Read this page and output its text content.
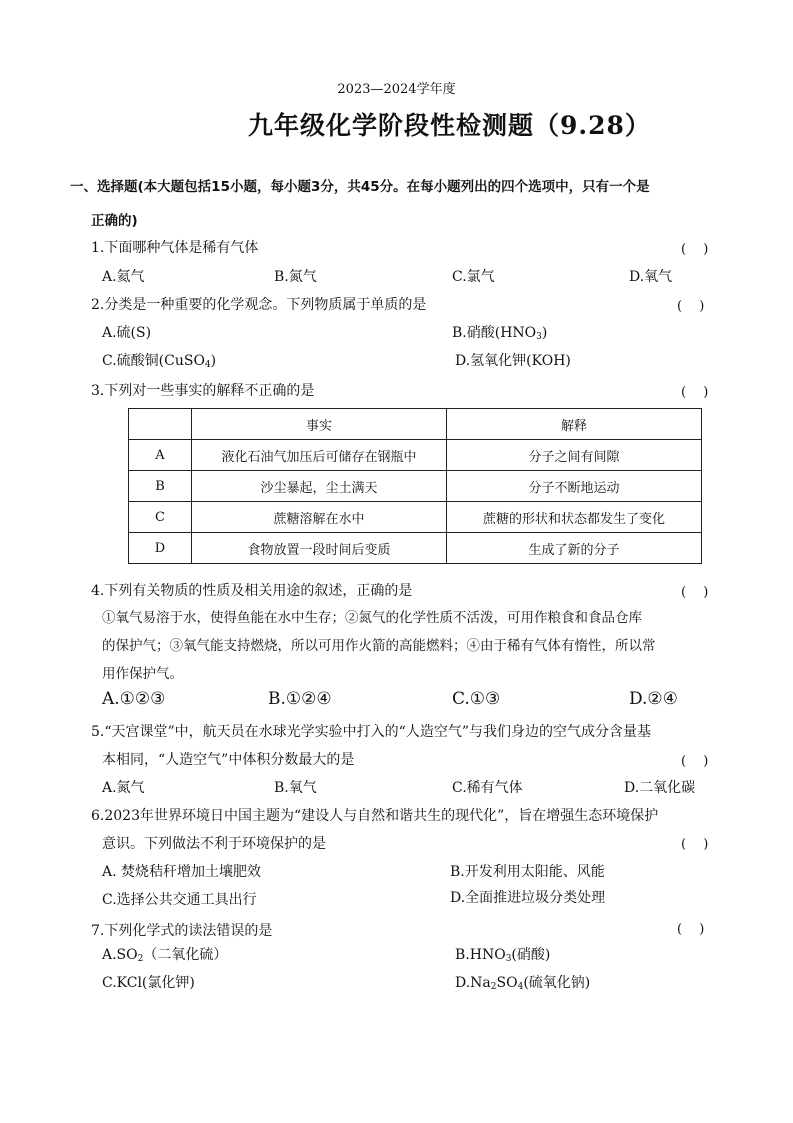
2023—2024学年度
九年级化学阶段性检测题（9.28）
一、选择题(本大题包括15小题，每小题3分，共45分。在每小题列出的四个选项中，只有一个是
正确的)
1.下面哪种气体是稀有气体	(　 )
A.氦气	B.氮气	C.氯气	D.氧气
2.分类是一种重要的化学观念。下列物质属于单质的是	(　 )
A.硫(S)	B.硝酸$(HNO_3)$
C.硫酸铜(CuSO$_4$)	D.氢氧化钾(KOH)
3.下列对一些事实的解释不正确的是	(　 )
	事实	解释
A	液化石油气加压后可储存在钢瓶中	分子之间有间隙
B	沙尘暴起，尘土满天	分子不断地运动
C	蔗糖溶解在水中	蔗糖的形状和状态都发生了变化
D	食物放置一段时间后变质	生成了新的分子
4.下列有关物质的性质及相关用途的叙述，正确的是	(　 )
①氧气易溶于水，使得鱼能在水中生存；②氮气的化学性质不活泼，可用作粮食和食品仓库
的保护气；③氧气能支持燃烧，所以可用作火箭的高能燃料；④由于稀有气体有惰性，所以常
用作保护气。
A.①②③	B.①②④	C.①③	D.②④
5.“天宫课堂”中，航天员在水球光学实验中打入的“人造空气”与我们身边的空气成分含量基
本相同，“人造空气”中体积分数最大的是	(　 )
A.氮气	B.氧气	C.稀有气体	D.二氧化碳
6.2023年世界环境日中国主题为“建设人与自然和谐共生的现代化”，旨在增强生态环境保护
意识。下列做法不利于环境保护的是	(　 )
A. 焚烧秸秆增加土壤肥效	B.开发利用太阳能、风能
C.选择公共交通工具出行	D.全面推进垃圾分类处理
7.下列化学式的读法错误的是	(　 )
$A.SO_2$（二氧化硫）	$B.HNO_3$(硝酸)
C.KCl(氯化钾)	$D.Na_2SO_4$(硫氧化钠)
